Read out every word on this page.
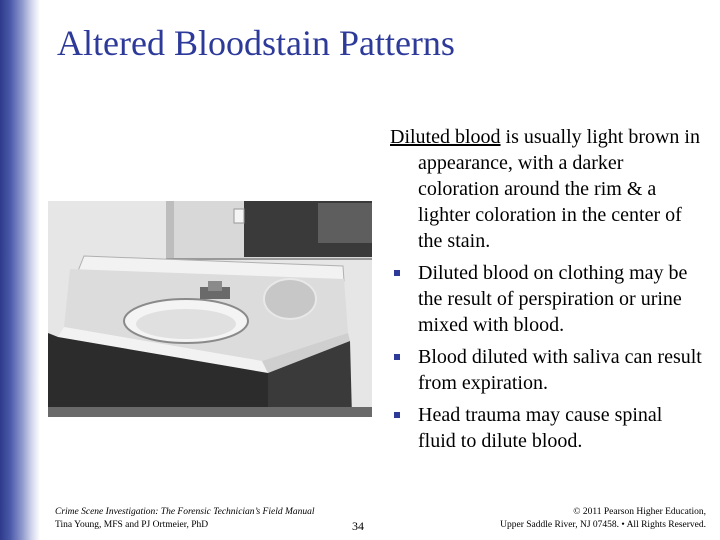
Altered Bloodstain Patterns

Diluted blood is usually light brown in appearance, with a darker coloration around the rim & a lighter coloration in the center of the stain.

Diluted blood on clothing may be the result of perspiration or urine mixed with blood.
Blood diluted with saliva can result from expiration.
Head trauma may cause spinal fluid to dilute blood.
Crime Scene Investigation: The Forensic Technician’s Field Manual
Tina Young, MFS and PJ Ortmeier, PhD	34
© 2011 Pearson Higher Education,
Upper Saddle River, NJ 07458. • All Rights Reserved.
